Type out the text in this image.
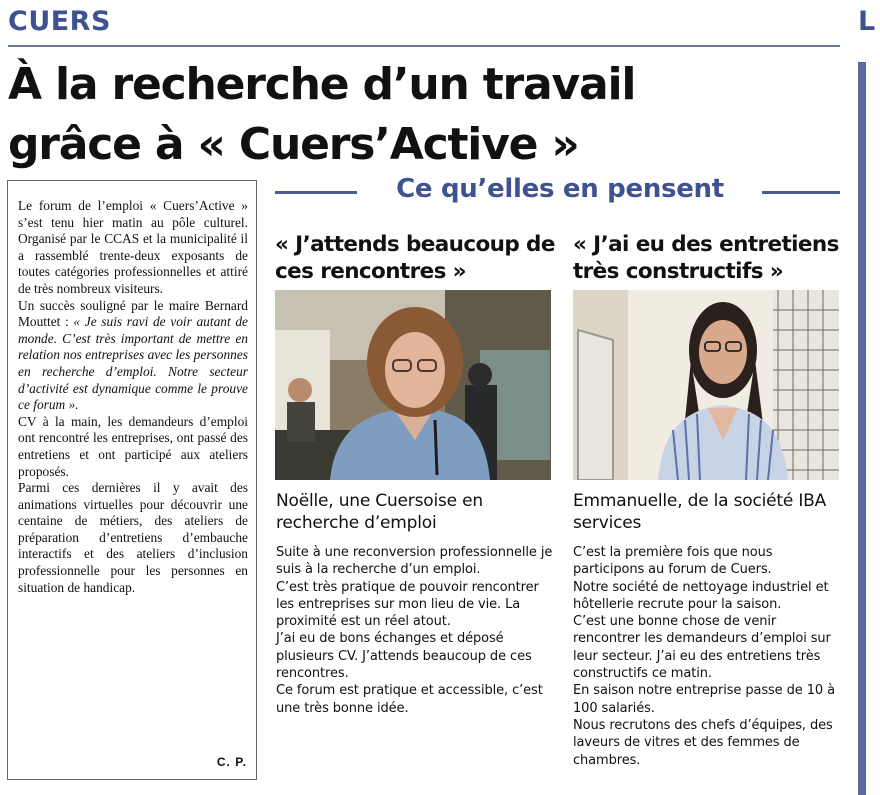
CUERS	L
À la recherche d’un travail
grâce à « Cuers’Active »

Le forum de l’emploi « Cuers’Active » s’est tenu hier matin au pôle culturel. Organisé par le CCAS et la municipalité il a rassemblé trente-deux exposants de toutes catégories professionnelles et attiré de très nombreux visiteurs.

Un succès souligné par le maire Bernard Mouttet : « Je suis ravi de voir autant de monde. C’est très important de mettre en relation nos entreprises avec les personnes en recherche d’emploi. Notre secteur d’activité est dynamique comme le prouve ce forum ».

CV à la main, les demandeurs d’emploi ont rencontré les entreprises, ont passé des entretiens et ont participé aux ateliers proposés.

Parmi ces dernières il y avait des animations virtuelles pour découvrir une centaine de métiers, des ateliers de préparation d’entretiens d’embauche interactifs et des ateliers d’inclusion professionnelle pour les personnes en situation de handicap.

C. P.
Ce qu’elles en pensent
« J’attends beaucoup de ces rencontres »
Noëlle, une Cuersoise en recherche d’emploi

Suite à une reconversion professionnelle je suis à la recherche d’un emploi.

C’est très pratique de pouvoir rencontrer les entreprises sur mon lieu de vie. La proximité est un réel atout.

J’ai eu de bons échanges et déposé plusieurs CV. J’attends beaucoup de ces rencontres.

Ce forum est pratique et accessible, c’est une très bonne idée.

« J’ai eu des entretiens très constructifs »
Emmanuelle, de la société IBA services

C’est la première fois que nous participons au forum de Cuers.

Notre société de nettoyage industriel et hôtellerie recrute pour la saison.

C’est une bonne chose de venir rencontrer les demandeurs d’emploi sur leur secteur. J’ai eu des entretiens très constructifs ce matin.

En saison notre entreprise passe de 10 à 100 salariés.

Nous recrutons des chefs d’équipes, des laveurs de vitres et des femmes de chambres.
